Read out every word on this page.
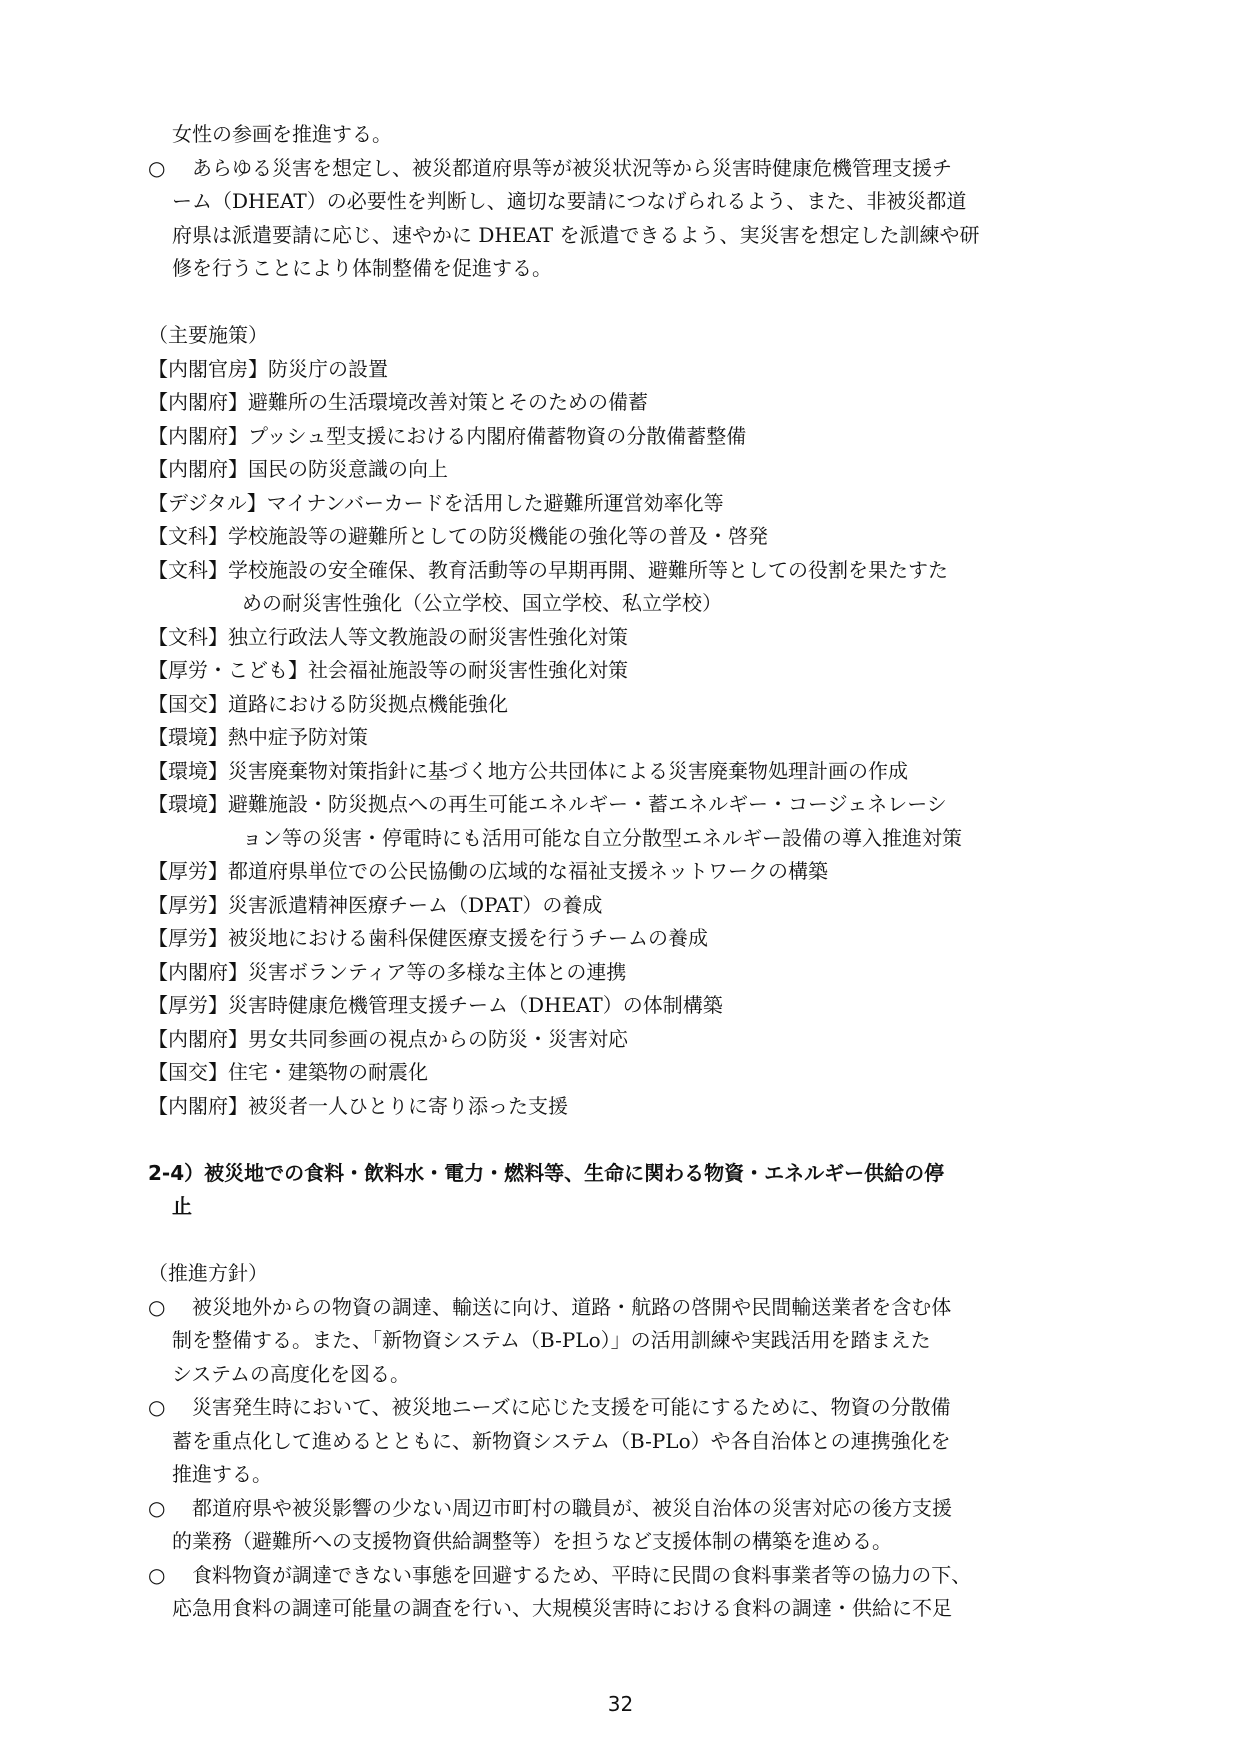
女性の参画を推進する。
○ あらゆる災害を想定し、被災都道府県等が被災状況等から災害時健康危機管理支援チ
ーム（DHEAT）の必要性を判断し、適切な要請につなげられるよう、また、非被災都道
府県は派遣要請に応じ、速やかに DHEAT を派遣できるよう、実災害を想定した訓練や研
修を行うことにより体制整備を促進する。
（主要施策）
【内閣官房】防災庁の設置
【内閣府】避難所の生活環境改善対策とそのための備蓄
【内閣府】プッシュ型支援における内閣府備蓄物資の分散備蓄整備
【内閣府】国民の防災意識の向上
【デジタル】マイナンバーカードを活用した避難所運営効率化等
【文科】学校施設等の避難所としての防災機能の強化等の普及・啓発
【文科】学校施設の安全確保、教育活動等の早期再開、避難所等としての役割を果たすた
めの耐災害性強化（公立学校、国立学校、私立学校）
【文科】独立行政法人等文教施設の耐災害性強化対策
【厚労・こども】社会福祉施設等の耐災害性強化対策
【国交】道路における防災拠点機能強化
【環境】熱中症予防対策
【環境】災害廃棄物対策指針に基づく地方公共団体による災害廃棄物処理計画の作成
【環境】避難施設・防災拠点への再生可能エネルギー・蓄エネルギー・コージェネレーシ
ョン等の災害・停電時にも活用可能な自立分散型エネルギー設備の導入推進対策
【厚労】都道府県単位での公民協働の広域的な福祉支援ネットワークの構築
【厚労】災害派遣精神医療チーム（DPAT）の養成
【厚労】被災地における歯科保健医療支援を行うチームの養成
【内閣府】災害ボランティア等の多様な主体との連携
【厚労】災害時健康危機管理支援チーム（DHEAT）の体制構築
【内閣府】男女共同参画の視点からの防災・災害対応
【国交】住宅・建築物の耐震化
【内閣府】被災者一人ひとりに寄り添った支援
2-4）被災地での食料・飲料水・電力・燃料等、生命に関わる物資・エネルギー供給の停
止
（推進方針）
○ 被災地外からの物資の調達、輸送に向け、道路・航路の啓開や民間輸送業者を含む体
制を整備する。また、「新物資システム（B-PLo）」の活用訓練や実践活用を踏まえた
システムの高度化を図る。
○ 災害発生時において、被災地ニーズに応じた支援を可能にするために、物資の分散備
蓄を重点化して進めるとともに、新物資システム（B-PLo）や各自治体との連携強化を
推進する。
○ 都道府県や被災影響の少ない周辺市町村の職員が、被災自治体の災害対応の後方支援
的業務（避難所への支援物資供給調整等）を担うなど支援体制の構築を進める。
○ 食料物資が調達できない事態を回避するため、平時に民間の食料事業者等の協力の下、
応急用食料の調達可能量の調査を行い、大規模災害時における食料の調達・供給に不足
32
